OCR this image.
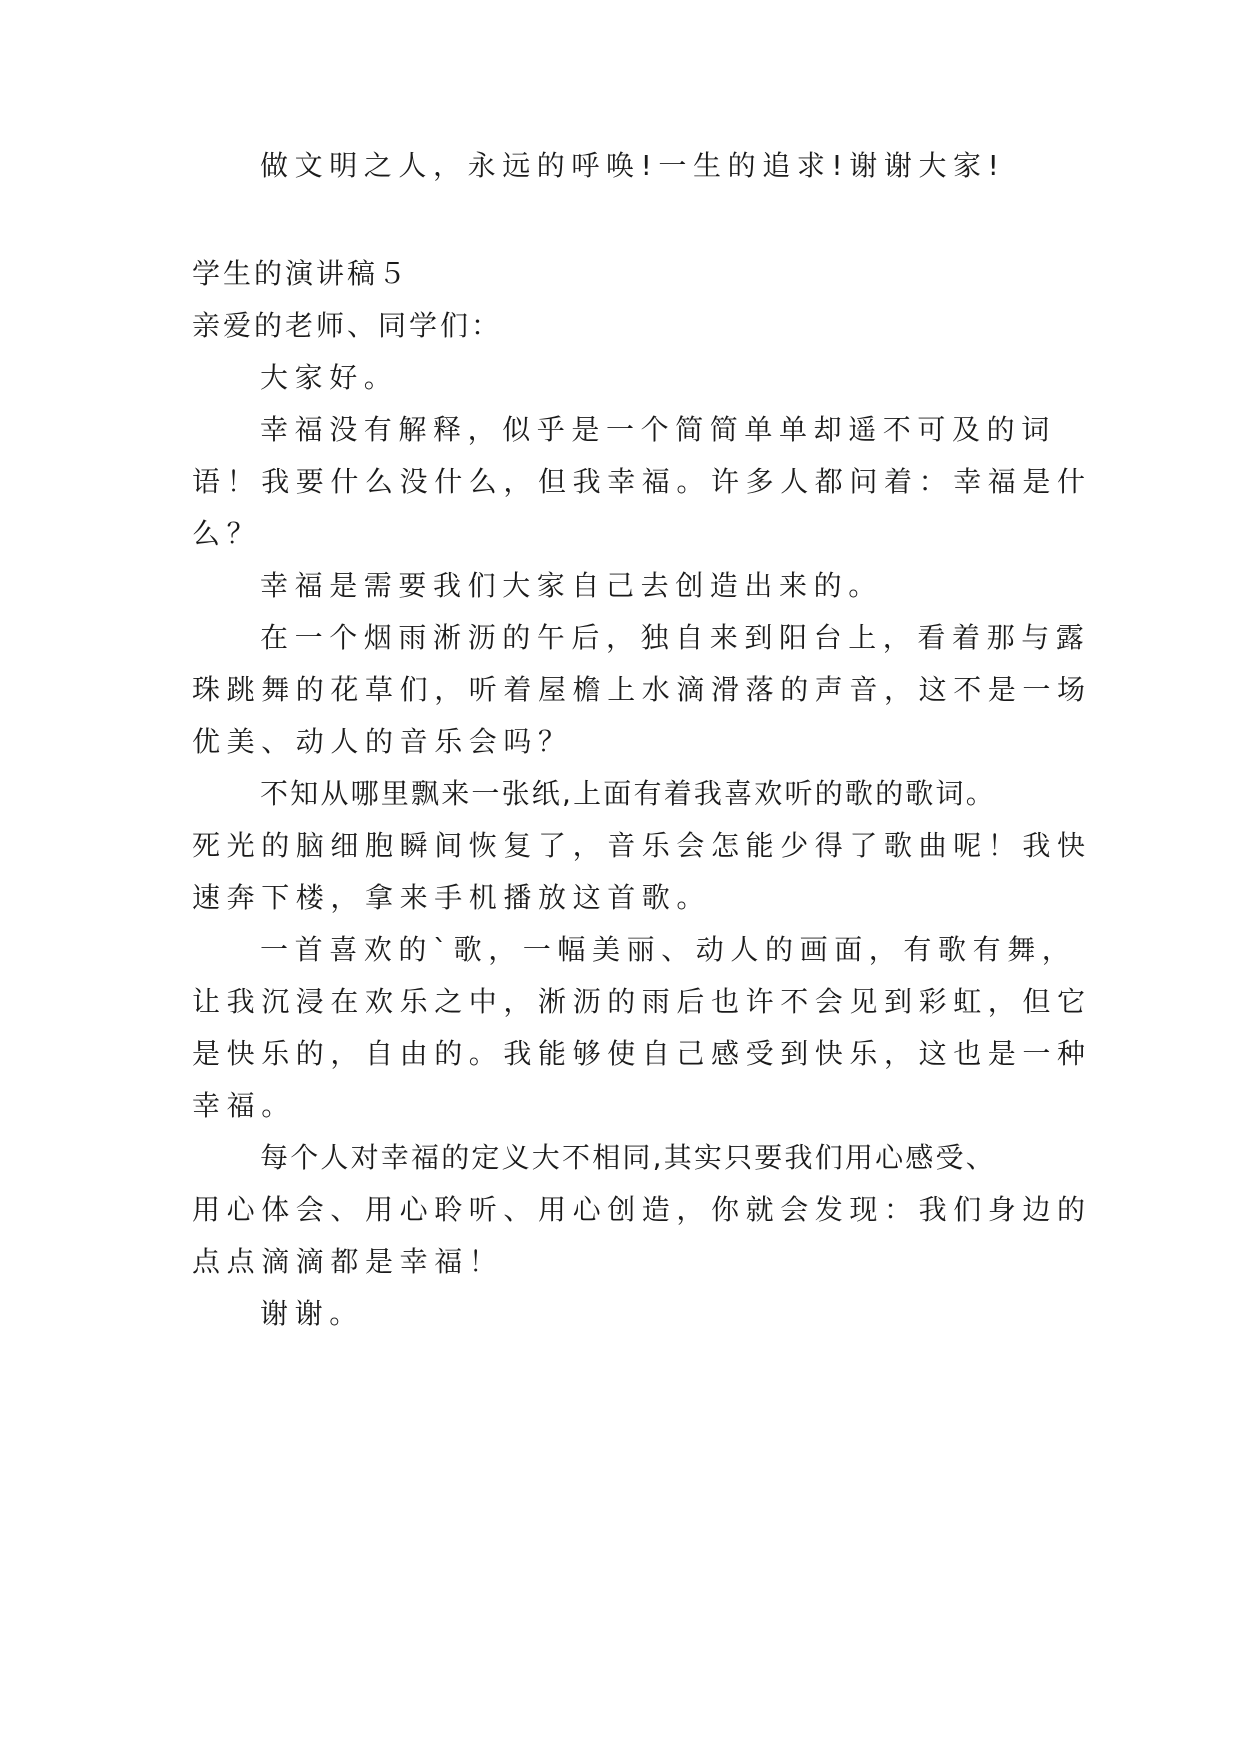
做文明之人，永远的呼唤!一生的追求!谢谢大家!
学生的演讲稿５
亲爱的老师、同学们：
大家好。
幸福没有解释，似乎是一个简简单单却遥不可及的词
语！我要什么没什么，但我幸福。许多人都问着：幸福是什
么？
幸福是需要我们大家自己去创造出来的。
在一个烟雨淅沥的午后，独自来到阳台上，看着那与露
珠跳舞的花草们，听着屋檐上水滴滑落的声音，这不是一场
优美、动人的音乐会吗？
不知从哪里飘来一张纸,上面有着我喜欢听的歌的歌词。
死光的脑细胞瞬间恢复了，音乐会怎能少得了歌曲呢！我快
速奔下楼，拿来手机播放这首歌。
一首喜欢的`歌，一幅美丽、动人的画面，有歌有舞，
让我沉浸在欢乐之中，淅沥的雨后也许不会见到彩虹，但它
是快乐的，自由的。我能够使自己感受到快乐，这也是一种
幸福。
每个人对幸福的定义大不相同,其实只要我们用心感受、
用心体会、用心聆听、用心创造，你就会发现：我们身边的
点点滴滴都是幸福！
谢谢。
